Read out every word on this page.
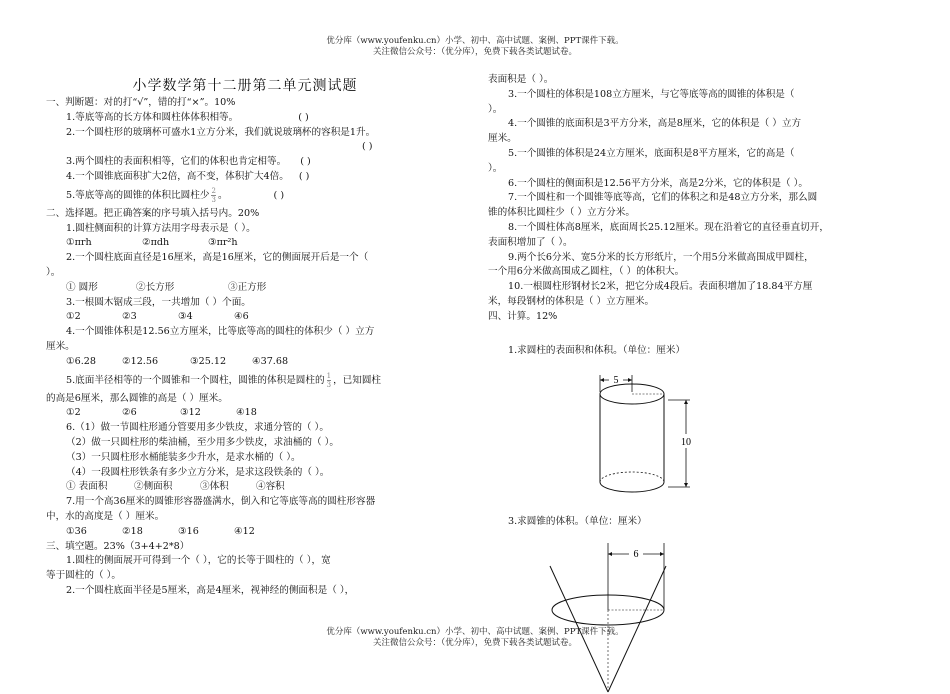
优分库（www.youfenku.cn）小学、初中、高中试题、案例、PPT课件下载。
关注微信公众号：（优分库），免费下载各类试题试卷。

小学数学第十二册第二单元测试题

一、判断题：对的打“√”，错的打“×”。10%

1.等底等高的长方体和圆柱体体积相等。	( )

2.一个圆柱形的玻璃杯可盛水1立方分米，我们就说玻璃杯的容积是1升。

( )

3.两个圆柱的表面积相等，它们的体积也肯定相等。 ( )

4.一个圆锥底面积扩大2倍，高不变，体积扩大4倍。 ( )

5.等底等高的圆锥的体积比圆柱少 $\frac{2}{3}$ 。	( )

二、选择题。把正确答案的序号填入括号内。20%

1.圆柱侧面积的计算方法用字母表示是（ ）。

①πrh	②πdh	③πr²h

2.一个圆柱底面直径是16厘米，高是16厘米，它的侧面展开后是一个（

）。

① 圆形	②长方形	③正方形

3.一根圆木锯成三段，一共增加（ ）个面。

①2	②3	③4	④6

4.一个圆锥体积是12.56立方厘米，比等底等高的圆柱的体积少（ ）立方

厘米。

①6.28	②12.56	③25.12	④37.68

5.底面半径相等的一个圆锥和一个圆柱，圆锥的体积是圆柱的 $\frac{1}{3}$ ，已知圆柱

的高是6厘米，那么圆锥的高是（ ）厘米。

①2	②6	③12	④18

6.（1）做一节圆柱形通分管要用多少铁皮，求通分管的（ ）。

（2）做一只圆柱形的柴油桶，至少用多少铁皮，求油桶的（ ）。

（3）一只圆柱形水桶能装多少升水，是求水桶的（ ）。

（4）一段圆柱形铁条有多少立方分米，是求这段铁条的（ ）。

① 表面积	②侧面积	③体积	④容积

7.用一个高36厘米的圆锥形容器盛满水，倒入和它等底等高的圆柱形容器

中，水的高度是（ ）厘米。

①36	②18	③16	④12

三、填空题。23%（3+4+2*8）

1.圆柱的侧面展开可得到一个（ ），它的长等于圆柱的（ ），宽

等于圆柱的（ ）。

2.一个圆柱底面半径是5厘米，高是4厘米，视神经的侧面积是（ ），

表面积是（ ）。

3.一个圆柱的体积是108立方厘米，与它等底等高的圆锥的体积是（

）。

4.一个圆锥的底面积是3平方分米，高是8厘米，它的体积是（ ）立方

厘米。

5.一个圆锥的体积是24立方厘米，底面积是8平方厘米，它的高是（

）。

6.一个圆柱的侧面积是12.56平方分米，高是2分米，它的体积是（ ）。

7.一个圆柱和一个圆锥等底等高，它们的体积之和是48立方分米，那么圆

锥的体积比圆柱少（ ）立方分米。

8.一个圆柱体高8厘米，底面周长25.12厘米。现在沿着它的直径垂直切开，

表面积增加了（ ）。

9.两个长6分米、宽5分米的长方形纸片，一个用5分米做高围成甲圆柱，

一个用6分米做高围成乙圆柱，（ ）的体积大。

10.一根圆柱形钢材长2米，把它分成4段后。表面积增加了18.84平方厘

米，每段钢材的体积是（ ）立方厘米。

四、计算。12%

1.求圆柱的表面积和体积。（单位：厘米）

5
10

3.求圆锥的体积。（单位：厘米）

6
优分库（www.youfenku.cn）小学、初中、高中试题、案例、PPT课件下载。
关注微信公众号：（优分库），免费下载各类试题试卷。
